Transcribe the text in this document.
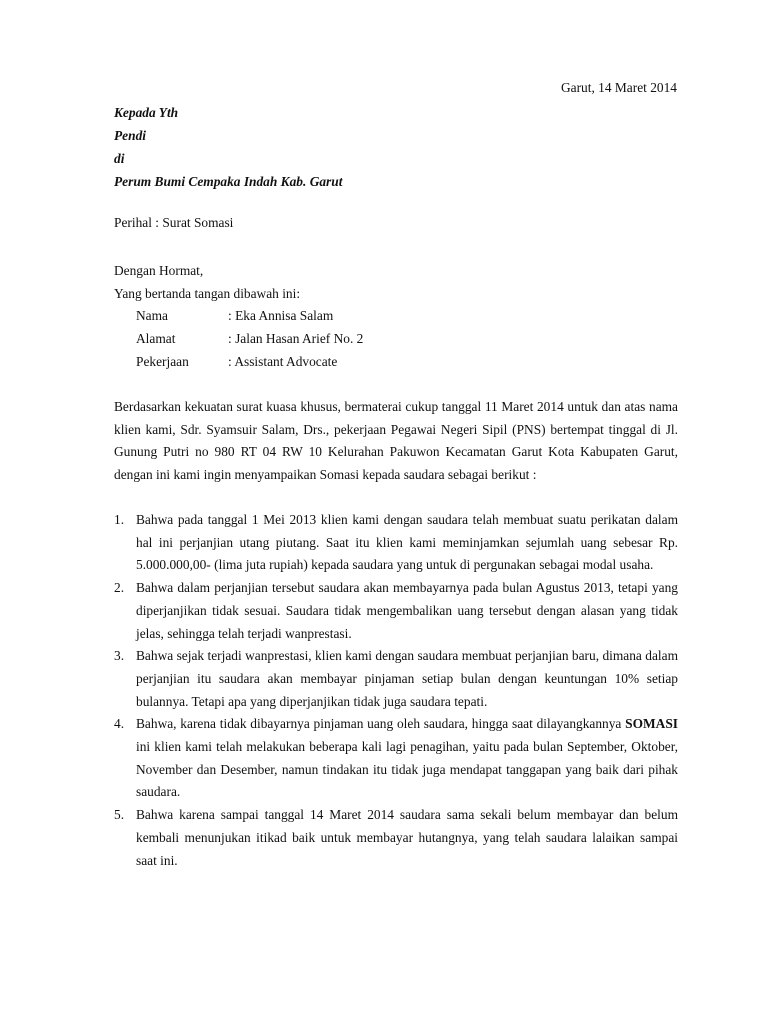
Garut, 14 Maret 2014
Kepada Yth
Pendi
di
Perum Bumi Cempaka Indah Kab. Garut
Perihal : Surat Somasi
Dengan Hormat,
Yang bertanda tangan dibawah ini:
Nama	: Eka Annisa Salam
Alamat	: Jalan Hasan Arief No. 2
Pekerjaan	: Assistant Advocate
Berdasarkan kekuatan surat kuasa khusus, bermaterai cukup tanggal 11 Maret 2014 untuk dan atas nama klien kami, Sdr. Syamsuir Salam, Drs., pekerjaan Pegawai Negeri Sipil (PNS) bertempat tinggal di Jl. Gunung Putri no 980 RT 04 RW 10 Kelurahan Pakuwon Kecamatan Garut Kota Kabupaten Garut, dengan ini kami ingin menyampaikan Somasi kepada saudara sebagai berikut :
1. Bahwa pada tanggal 1 Mei 2013 klien kami dengan saudara telah membuat suatu perikatan dalam hal ini perjanjian utang piutang. Saat itu klien kami meminjamkan sejumlah uang sebesar Rp. 5.000.000,00- (lima juta rupiah) kepada saudara yang untuk di pergunakan sebagai modal usaha.
2. Bahwa dalam perjanjian tersebut saudara akan membayarnya pada bulan Agustus 2013, tetapi yang diperjanjikan tidak sesuai. Saudara tidak mengembalikan uang tersebut dengan alasan yang tidak jelas, sehingga telah terjadi wanprestasi.
3. Bahwa sejak terjadi wanprestasi, klien kami dengan saudara membuat perjanjian baru, dimana dalam perjanjian itu saudara akan membayar pinjaman setiap bulan dengan keuntungan 10% setiap bulannya. Tetapi apa yang diperjanjikan tidak juga saudara tepati.
4. Bahwa, karena tidak dibayarnya pinjaman uang oleh saudara, hingga saat dilayangkannya SOMASI ini klien kami telah melakukan beberapa kali lagi penagihan, yaitu pada bulan September, Oktober, November dan Desember, namun tindakan itu tidak juga mendapat tanggapan yang baik dari pihak saudara.
5. Bahwa karena sampai tanggal 14 Maret 2014 saudara sama sekali belum membayar dan belum kembali menunjukan itikad baik untuk membayar hutangnya, yang telah saudara lalaikan sampai saat ini.
